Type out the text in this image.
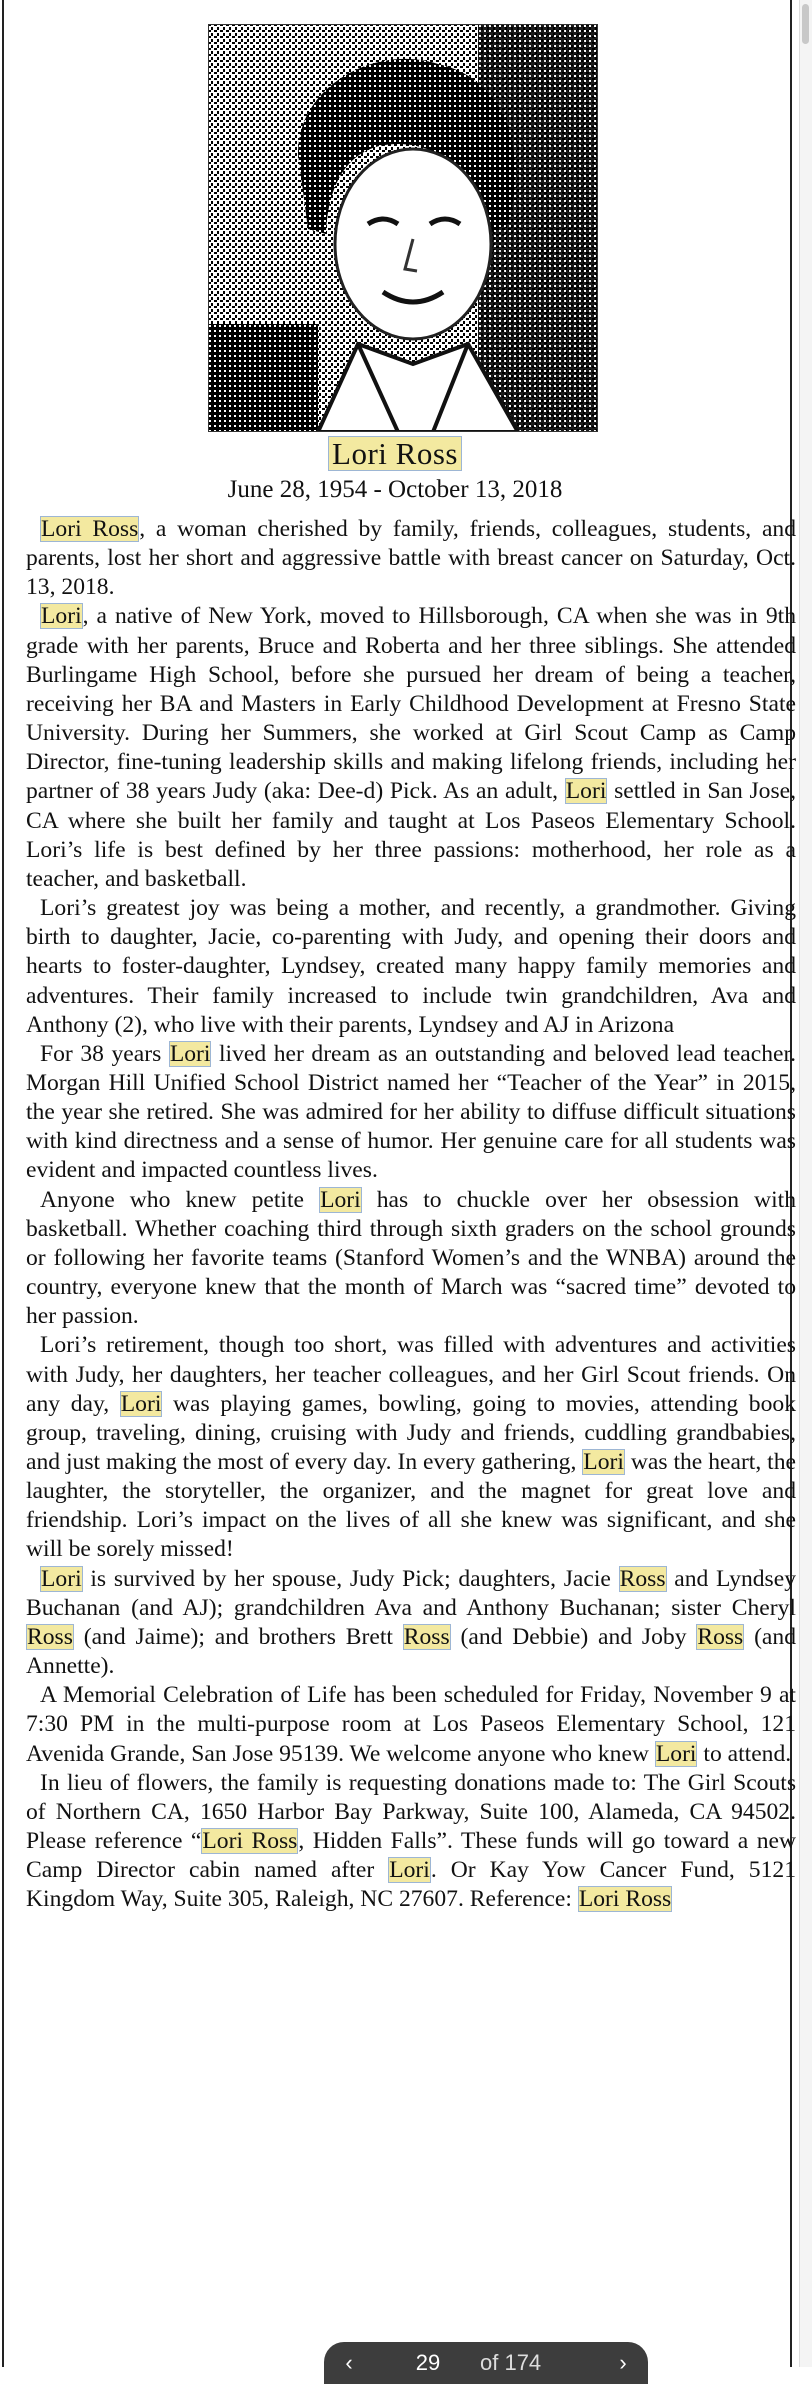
Lori Ross
June 28, 1954 - October 13, 2018

Lori Ross, a woman cherished by family, friends, colleagues, students, and parents, lost her short and aggressive battle with breast cancer on Saturday, Oct. 13, 2018.

Lori, a native of New York, moved to Hillsborough, CA when she was in 9th grade with her parents, Bruce and Roberta and her three siblings. She attended Burlingame High School, before she pursued her dream of being a teacher, receiving her BA and Masters in Early Childhood Development at Fresno State University. During her Summers, she worked at Girl Scout Camp as Camp Director, fine-tuning leadership skills and making lifelong friends, including her partner of 38 years Judy (aka: Dee-d) Pick. As an adult, Lori settled in San Jose, CA where she built her family and taught at Los Paseos Elementary School. Lori’s life is best defined by her three passions: motherhood, her role as a teacher, and basketball.

Lori’s greatest joy was being a mother, and recently, a grandmother. Giving birth to daughter, Jacie, co-parenting with Judy, and opening their doors and hearts to foster-daughter, Lyndsey, created many happy family memories and adventures. Their family increased to include twin grandchildren, Ava and Anthony (2), who live with their parents, Lyndsey and AJ in Arizona

For 38 years Lori lived her dream as an outstanding and beloved lead teacher. Morgan Hill Unified School District named her “Teacher of the Year” in 2015, the year she retired. She was admired for her ability to diffuse difficult situations with kind directness and a sense of humor. Her genuine care for all students was evident and impacted countless lives.

Anyone who knew petite Lori has to chuckle over her obsession with basketball. Whether coaching third through sixth graders on the school grounds or following her favorite teams (Stanford Women’s and the WNBA) around the country, everyone knew that the month of March was “sacred time” devoted to her passion.

Lori’s retirement, though too short, was filled with adventures and activities with Judy, her daughters, her teacher colleagues, and her Girl Scout friends. On any day, Lori was playing games, bowling, going to movies, attending book group, traveling, dining, cruising with Judy and friends, cuddling grandbabies, and just making the most of every day. In every gathering, Lori was the heart, the laughter, the storyteller, the organizer, and the magnet for great love and friendship. Lori’s impact on the lives of all she knew was significant, and she will be sorely missed!

Lori is survived by her spouse, Judy Pick; daughters, Jacie Ross and Lyndsey Buchanan (and AJ); grandchildren Ava and Anthony Buchanan; sister Cheryl Ross (and Jaime); and brothers Brett Ross (and Debbie) and Joby Ross (and Annette).

A Memorial Celebration of Life has been scheduled for Friday, November 9 at 7:30 PM in the multi-purpose room at Los Paseos Elementary School, 121 Avenida Grande, San Jose 95139. We welcome anyone who knew Lori to attend.

In lieu of flowers, the family is requesting donations made to: The Girl Scouts of Northern CA, 1650 Harbor Bay Parkway, Suite 100, Alameda, CA 94502. Please reference “Lori Ross, Hidden Falls”. These funds will go toward a new Camp Director cabin named after Lori. Or Kay Yow Cancer Fund, 5121 Kingdom Way, Suite 305, Raleigh, NC 27607. Reference: Lori Ross

‹	29	of 174	›
